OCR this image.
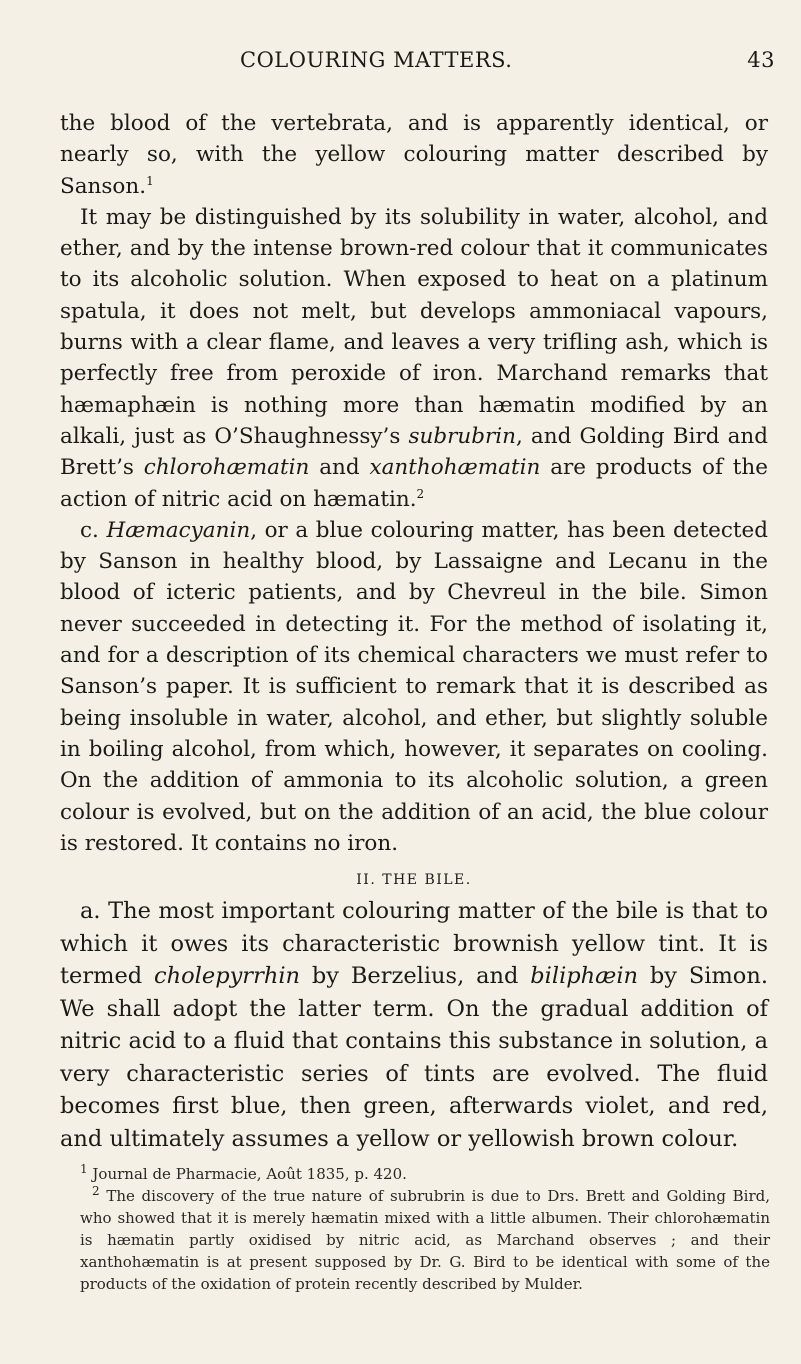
COLOURING MATTERS.	43

the blood of the vertebrata, and is apparently identical, or nearly so, with the yellow colouring matter described by Sanson.$^1$

It may be distinguished by its solubility in water, alcohol, and ether, and by the intense brown-red colour that it communicates to its alcoholic solution. When exposed to heat on a platinum spatula, it does not melt, but develops ammoniacal vapours, burns with a clear flame, and leaves a very trifling ash, which is perfectly free from peroxide of iron. Marchand remarks that hæmaphæin is nothing more than hæmatin modified by an alkali, just as O’Shaughnessy’s subrubrin, and Golding Bird and Brett’s chlorohæmatin and xanthohæmatin are products of the action of nitric acid on hæmatin.$^2$

c. Hæmacyanin, or a blue colouring matter, has been detected by Sanson in healthy blood, by Lassaigne and Lecanu in the blood of icteric patients, and by Chevreul in the bile. Simon never succeeded in detecting it. For the method of isolating it, and for a description of its chemical characters we must refer to Sanson’s paper. It is sufficient to remark that it is described as being insoluble in water, alcohol, and ether, but slightly soluble in boiling alcohol, from which, however, it separates on cooling. On the addition of ammonia to its alcoholic solution, a green colour is evolved, but on the addition of an acid, the blue colour is restored. It contains no iron.

II. THE BILE.

a. The most important colouring matter of the bile is that to which it owes its characteristic brownish yellow tint. It is termed cholepyrrhin by Berzelius, and biliphæin by Simon. We shall adopt the latter term. On the gradual addition of nitric acid to a fluid that contains this substance in solution, a very characteristic series of tints are evolved. The fluid becomes first blue, then green, afterwards violet, and red, and ultimately assumes a yellow or yellowish brown colour.

$^1$ Journal de Pharmacie, Août 1835, p. 420.

$^2$ The discovery of the true nature of subrubrin is due to Drs. Brett and Golding Bird, who showed that it is merely hæmatin mixed with a little albumen. Their chlorohæmatin is hæmatin partly oxidised by nitric acid, as Marchand observes ; and their xanthohæmatin is at present supposed by Dr. G. Bird to be identical with some of the products of the oxidation of protein recently described by Mulder.
